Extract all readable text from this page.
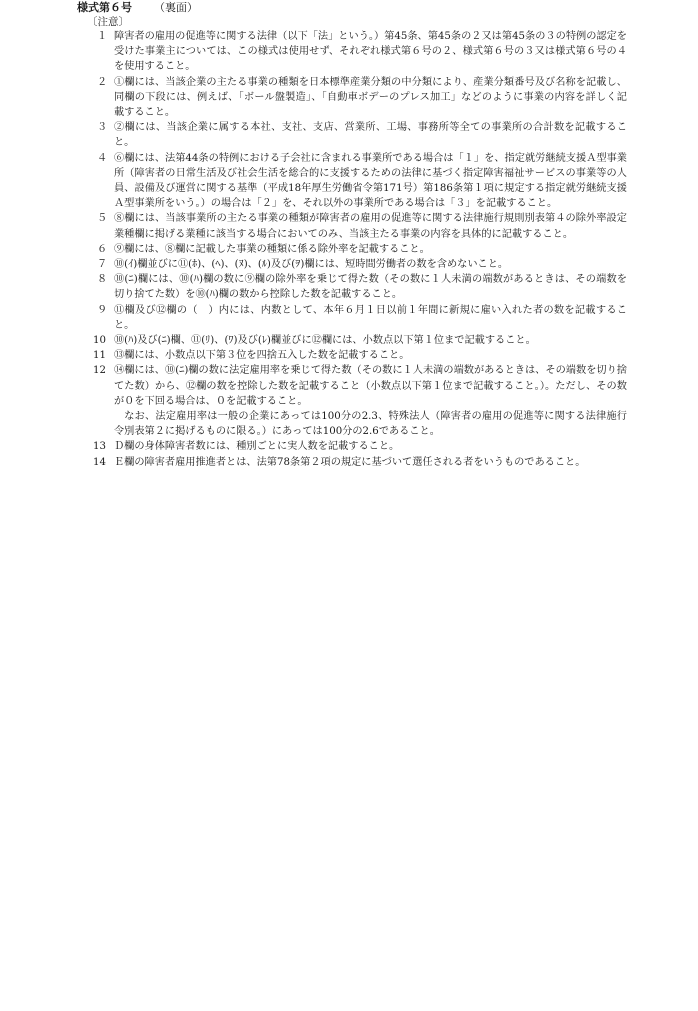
様式第６号 （裏面）
〔注意〕
１ 障害者の雇用の促進等に関する法律（以下「法」という。）第45条、第45条の２又は第45条の３の特例の認定を受けた事業主については、この様式は使用せず、それぞれ様式第６号の２、様式第６号の３又は様式第６号の４を使用すること。
２ ①欄には、当該企業の主たる事業の種類を日本標準産業分類の中分類により、産業分類番号及び名称を記載し、同欄の下段には、例えば、「ボール盤製造」、「自動車ボデーのプレス加工」などのように事業の内容を詳しく記載すること。
３ ②欄には、当該企業に属する本社、支社、支店、営業所、工場、事務所等全ての事業所の合計数を記載すること。
４ ⑥欄には、法第44条の特例における子会社に含まれる事業所である場合は「１」を、指定就労継続支援Ａ型事業所（障害者の日常生活及び社会生活を総合的に支援するための法律に基づく指定障害福祉サービスの事業等の人員、設備及び運営に関する基準（平成18年厚生労働省令第171号）第186条第１項に規定する指定就労継続支援Ａ型事業所をいう。）の場合は「２」を、それ以外の事業所である場合は「３」を記載すること。
５ ⑧欄には、当該事業所の主たる事業の種類が障害者の雇用の促進等に関する法律施行規則別表第４の除外率設定業種欄に掲げる業種に該当する場合においてのみ、当該主たる事業の内容を具体的に記載すること。
６ ⑨欄には、⑧欄に記載した事業の種類に係る除外率を記載すること。
７ ⑩(ｲ)欄並びに⑪(ﾎ)、(ﾍ)、(ﾇ)、(ﾙ)及び(ｦ)欄には、短時間労働者の数を含めないこと。
８ ⑩(ﾆ)欄には、⑩(ﾊ)欄の数に⑨欄の除外率を乗じて得た数（その数に１人未満の端数があるときは、その端数を切り捨てた数）を⑩(ﾊ)欄の数から控除した数を記載すること。
９ ⑪欄及び⑫欄の（　）内には、内数として、本年６月１日以前１年間に新規に雇い入れた者の数を記載すること。
10 ⑩(ﾊ)及び(ﾆ)欄、⑪(ﾘ)、(ﾜ)及び(ﾚ)欄並びに⑫欄には、小数点以下第１位まで記載すること。
11 ⑬欄には、小数点以下第３位を四捨五入した数を記載すること。
12 ⑭欄には、⑩(ﾆ)欄の数に法定雇用率を乗じて得た数（その数に１人未満の端数があるときは、その端数を切り捨てた数）から、⑫欄の数を控除した数を記載すること（小数点以下第１位まで記載すること。）。ただし、その数が０を下回る場合は、０を記載すること。
なお、法定雇用率は一般の企業にあっては100分の2.3、特殊法人（障害者の雇用の促進等に関する法律施行令別表第２に掲げるものに限る。）にあっては100分の2.6であること。
13 Ｄ欄の身体障害者数には、種別ごとに実人数を記載すること。
14 Ｅ欄の障害者雇用推進者とは、法第78条第２項の規定に基づいて選任される者をいうものであること。
